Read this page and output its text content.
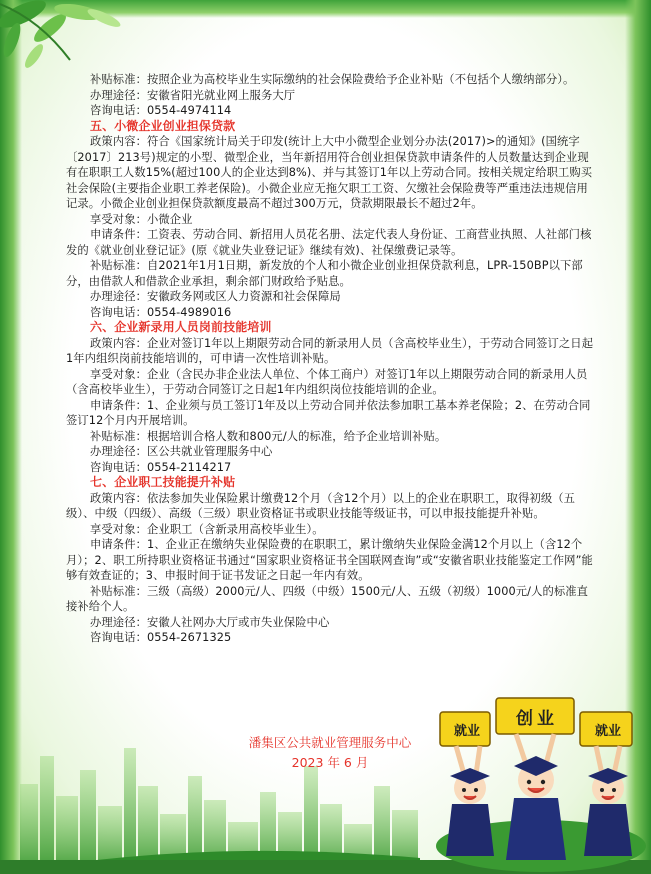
就业
创业
就业

补贴标准：按照企业为高校毕业生实际缴纳的社会保险费给予企业补贴（不包括个人缴纳部分）。

办理途径：安徽省阳光就业网上服务大厅

咨询电话：0554-4974114

五、小微企业创业担保贷款

政策内容：符合《国家统计局关于印发(统计上大中小微型企业划分办法(2017)>的通知》(国统字〔2017〕213号)规定的小型、微型企业，当年新招用符合创业担保贷款申请条件的人员数量达到企业现有在职职工人数15%(超过100人的企业达到8%)、并与其签订1年以上劳动合同。按相关规定给职工购买社会保险(主要指企业职工养老保险)。小微企业应无拖欠职工工资、欠缴社会保险费等严重违法违规信用记录。小微企业创业担保贷款额度最高不超过300万元，贷款期限最长不超过2年。

享受对象：小微企业

申请条件：工资表、劳动合同、新招用人员花名册、法定代表人身份证、工商营业执照、人社部门核发的《就业创业登记证》(原《就业失业登记证》继续有效)、社保缴费记录等。

补贴标准：自2021年1月1日期，新发放的个人和小微企业创业担保贷款利息，LPR-150BP以下部分，由借款人和借款企业承担，剩余部门财政给予贴息。

办理途径：安徽政务网或区人力资源和社会保障局

咨询电话：0554-4989016

六、企业新录用人员岗前技能培训

政策内容：企业对签订1年以上期限劳动合同的新录用人员（含高校毕业生），于劳动合同签订之日起1年内组织岗前技能培训的，可申请一次性培训补贴。

享受对象：企业（含民办非企业法人单位、个体工商户）对签订1年以上期限劳动合同的新录用人员（含高校毕业生），于劳动合同签订之日起1年内组织岗位技能培训的企业。

申请条件：1、企业须与员工签订1年及以上劳动合同并依法参加职工基本养老保险；2、在劳动合同签订12个月内开展培训。

补贴标准：根据培训合格人数和800元/人的标准，给予企业培训补贴。

办理途径：区公共就业管理服务中心

咨询电话：0554-2114217

七、企业职工技能提升补贴

政策内容：依法参加失业保险累计缴费12个月（含12个月）以上的企业在职职工，取得初级（五级）、中级（四级）、高级（三级）职业资格证书或职业技能等级证书，可以申报技能提升补贴。

享受对象：企业职工（含新录用高校毕业生）。

申请条件：1、企业正在缴纳失业保险费的在职职工，累计缴纳失业保险金满12个月以上（含12个月）；2、职工所持职业资格证书通过“国家职业资格证书全国联网查询”或“安徽省职业技能鉴定工作网”能够有效查证的；3、申报时间于证书发证之日起一年内有效。

补贴标准：三级（高级）2000元/人、四级（中级）1500元/人、五级（初级）1000元/人的标准直接补给个人。

办理途径：安徽人社网办大厅或市失业保险中心

咨询电话：0554-2671325

潘集区公共就业管理服务中心
2023 年 6 月
